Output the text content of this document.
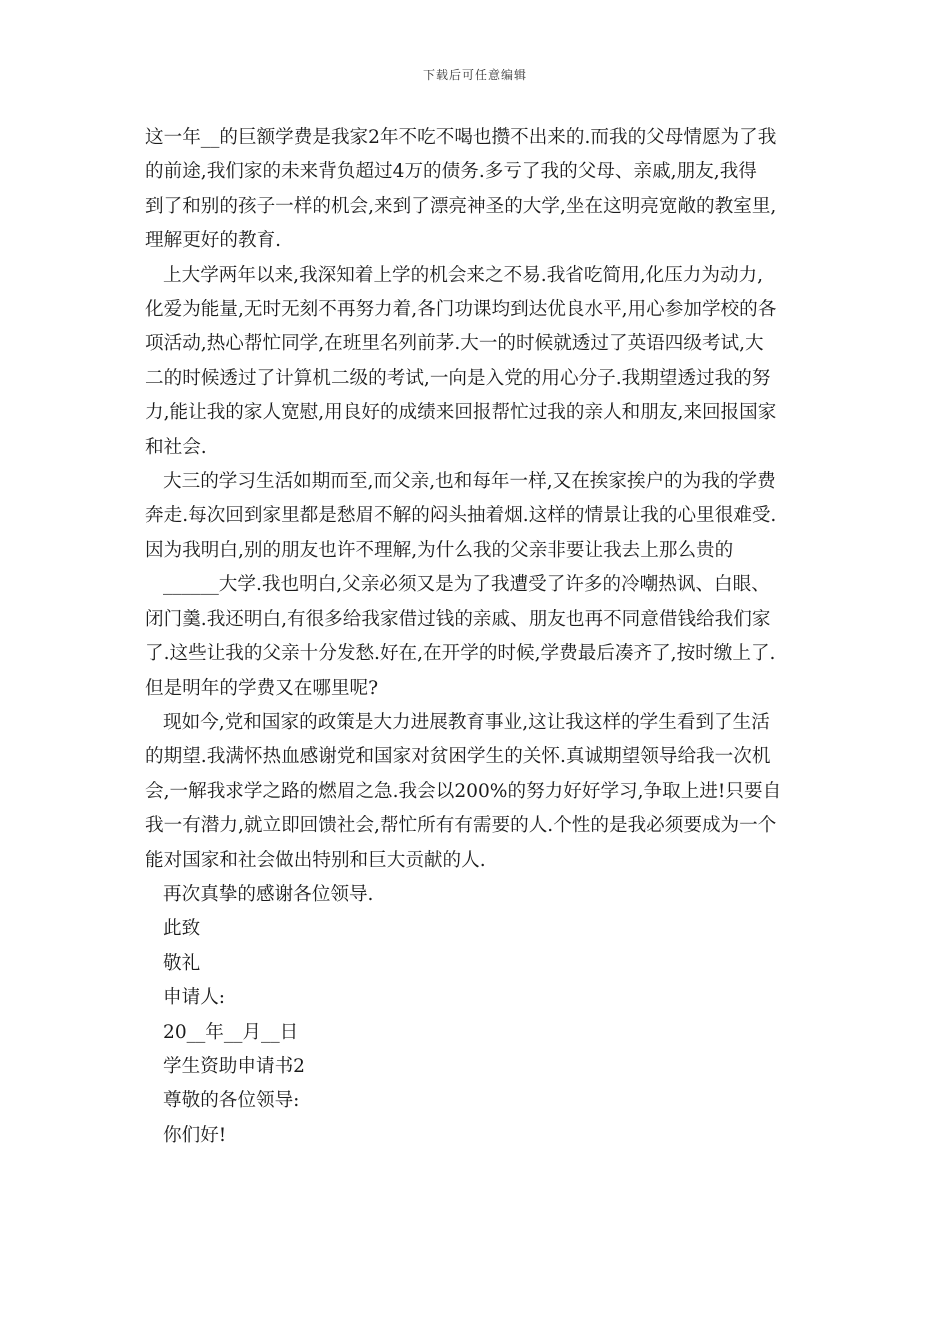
下载后可任意编辑

这一年__的巨额学费是我家2年不吃不喝也攒不出来的.而我的父母情愿为了我

的前途,我们家的未来背负超过4万的债务.多亏了我的父母、亲戚,朋友,我得

到了和别的孩子一样的机会,来到了漂亮神圣的大学,坐在这明亮宽敞的教室里,

理解更好的教育.

上大学两年以来,我深知着上学的机会来之不易.我省吃简用,化压力为动力,

化爱为能量,无时无刻不再努力着,各门功课均到达优良水平,用心参加学校的各

项活动,热心帮忙同学,在班里名列前茅.大一的时候就透过了英语四级考试,大

二的时候透过了计算机二级的考试,一向是入党的用心分子.我期望透过我的努

力,能让我的家人宽慰,用良好的成绩来回报帮忙过我的亲人和朋友,来回报国家

和社会.

大三的学习生活如期而至,而父亲,也和每年一样,又在挨家挨户的为我的学费

奔走.每次回到家里都是愁眉不解的闷头抽着烟.这样的情景让我的心里很难受.

因为我明白,别的朋友也许不理解,为什么我的父亲非要让我去上那么贵的

______大学.我也明白,父亲必须又是为了我遭受了许多的冷嘲热讽、白眼、

闭门羹.我还明白,有很多给我家借过钱的亲戚、朋友也再不同意借钱给我们家

了.这些让我的父亲十分发愁.好在,在开学的时候,学费最后凑齐了,按时缴上了.

但是明年的学费又在哪里呢?

现如今,党和国家的政策是大力进展教育事业,这让我这样的学生看到了生活

的期望.我满怀热血感谢党和国家对贫困学生的关怀.真诚期望领导给我一次机

会,一解我求学之路的燃眉之急.我会以200%的努力好好学习,争取上进!只要自

我一有潜力,就立即回馈社会,帮忙所有有需要的人.个性的是我必须要成为一个

能对国家和社会做出特别和巨大贡献的人.

再次真挚的感谢各位领导.

此致

敬礼

申请人:

20__年__月__日

学生资助申请书2

尊敬的各位领导:

你们好!
